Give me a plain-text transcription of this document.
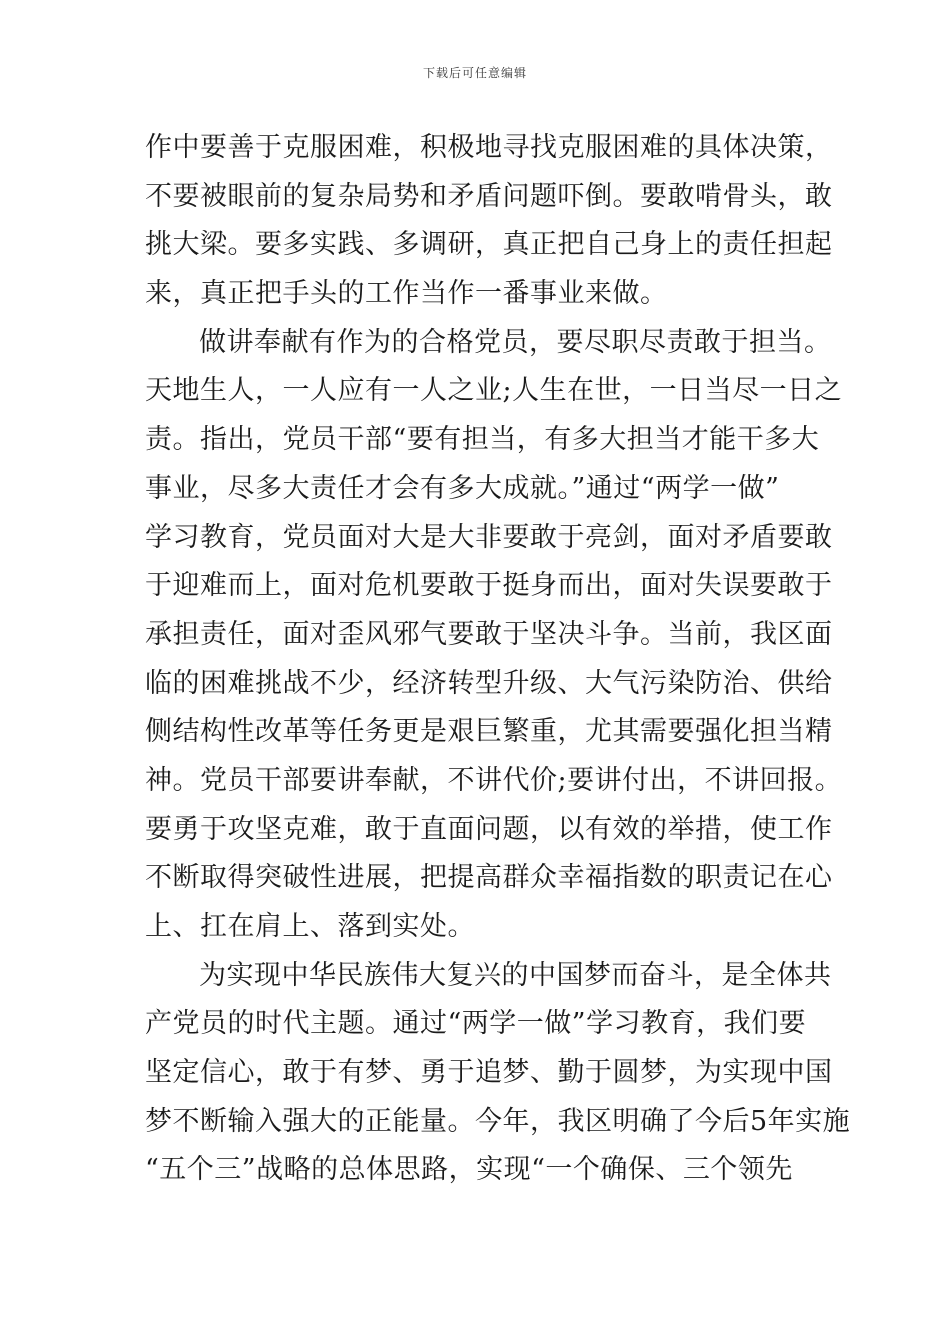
下载后可任意编辑
作中要善于克服困难，积极地寻找克服困难的具体决策，
不要被眼前的复杂局势和矛盾问题吓倒。要敢啃骨头，敢
挑大梁。要多实践、多调研，真正把自己身上的责任担起
来，真正把手头的工作当作一番事业来做。
做讲奉献有作为的合格党员，要尽职尽责敢于担当。
天地生人，一人应有一人之业;人生在世，一日当尽一日之
责。指出，党员干部“要有担当，有多大担当才能干多大
事业，尽多大责任才会有多大成就。”通过“两学一做”
学习教育，党员面对大是大非要敢于亮剑，面对矛盾要敢
于迎难而上，面对危机要敢于挺身而出，面对失误要敢于
承担责任，面对歪风邪气要敢于坚决斗争。当前，我区面
临的困难挑战不少，经济转型升级、大气污染防治、供给
侧结构性改革等任务更是艰巨繁重，尤其需要强化担当精
神。党员干部要讲奉献，不讲代价;要讲付出，不讲回报。
要勇于攻坚克难，敢于直面问题，以有效的举措，使工作
不断取得突破性进展，把提高群众幸福指数的职责记在心
上、扛在肩上、落到实处。
为实现中华民族伟大复兴的中国梦而奋斗，是全体共
产党员的时代主题。通过“两学一做”学习教育，我们要
坚定信心，敢于有梦、勇于追梦、勤于圆梦，为实现中国
梦不断输入强大的正能量。今年，我区明确了今后5年实施
“五个三”战略的总体思路，实现“一个确保、三个领先
